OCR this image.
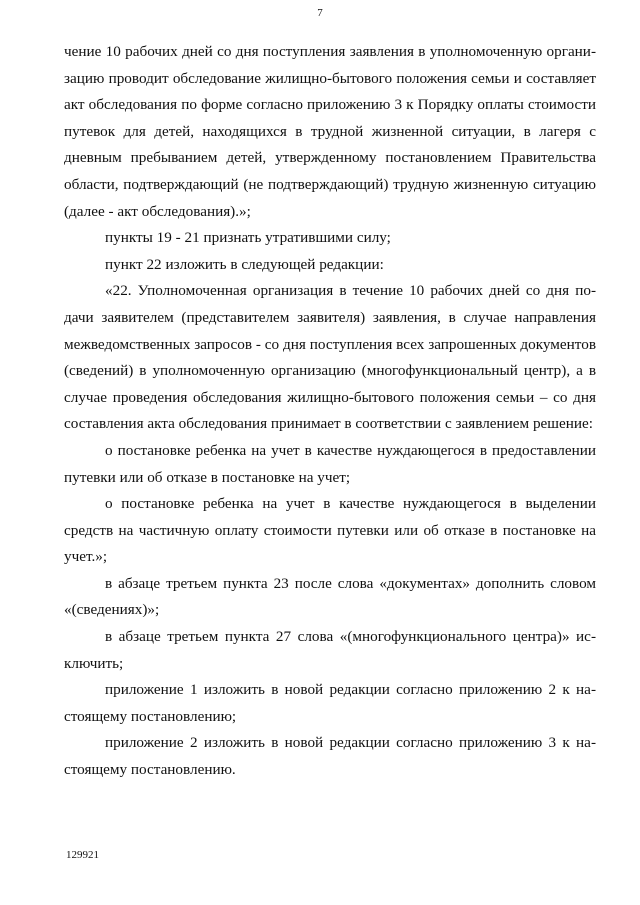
7

чение 10 рабочих дней со дня поступления заявления в уполномоченную организацию проводит обследование жилищно-бытового положения семьи и составляет акт обследования по форме согласно приложению 3 к Порядку оплаты стоимости путевок для детей, находящихся в трудной жизненной ситуации, в лагеря с дневным пребыванием детей, утвержденному постановлением Правительства области, подтверждающий (не подтверждающий) трудную жизненную ситуацию (далее - акт обследования).»;

пункты 19 - 21 признать утратившими силу;

пункт 22 изложить в следующей редакции:

«22. Уполномоченная организация в течение 10 рабочих дней со дня подачи заявителем (представителем заявителя) заявления, в случае направления межведомственных запросов - со дня поступления всех запрошенных документов (сведений) в уполномоченную организацию (многофункциональный центр), а в случае проведения обследования жилищно-бытового положения семьи – со дня составления акта обследования принимает в соответствии с заявлением решение:

о постановке ребенка на учет в качестве нуждающегося в предоставлении путевки или об отказе в постановке на учет;

о постановке ребенка на учет в качестве нуждающегося в выделении средств на частичную оплату стоимости путевки или об отказе в постановке на учет.»;

в абзаце третьем пункта 23 после слова «документах» дополнить словом «(сведениях)»;

в абзаце третьем пункта 27 слова «(многофункционального центра)» исключить;

приложение 1 изложить в новой редакции согласно приложению 2 к настоящему постановлению;

приложение 2 изложить в новой редакции согласно приложению 3 к настоящему постановлению.

129921
